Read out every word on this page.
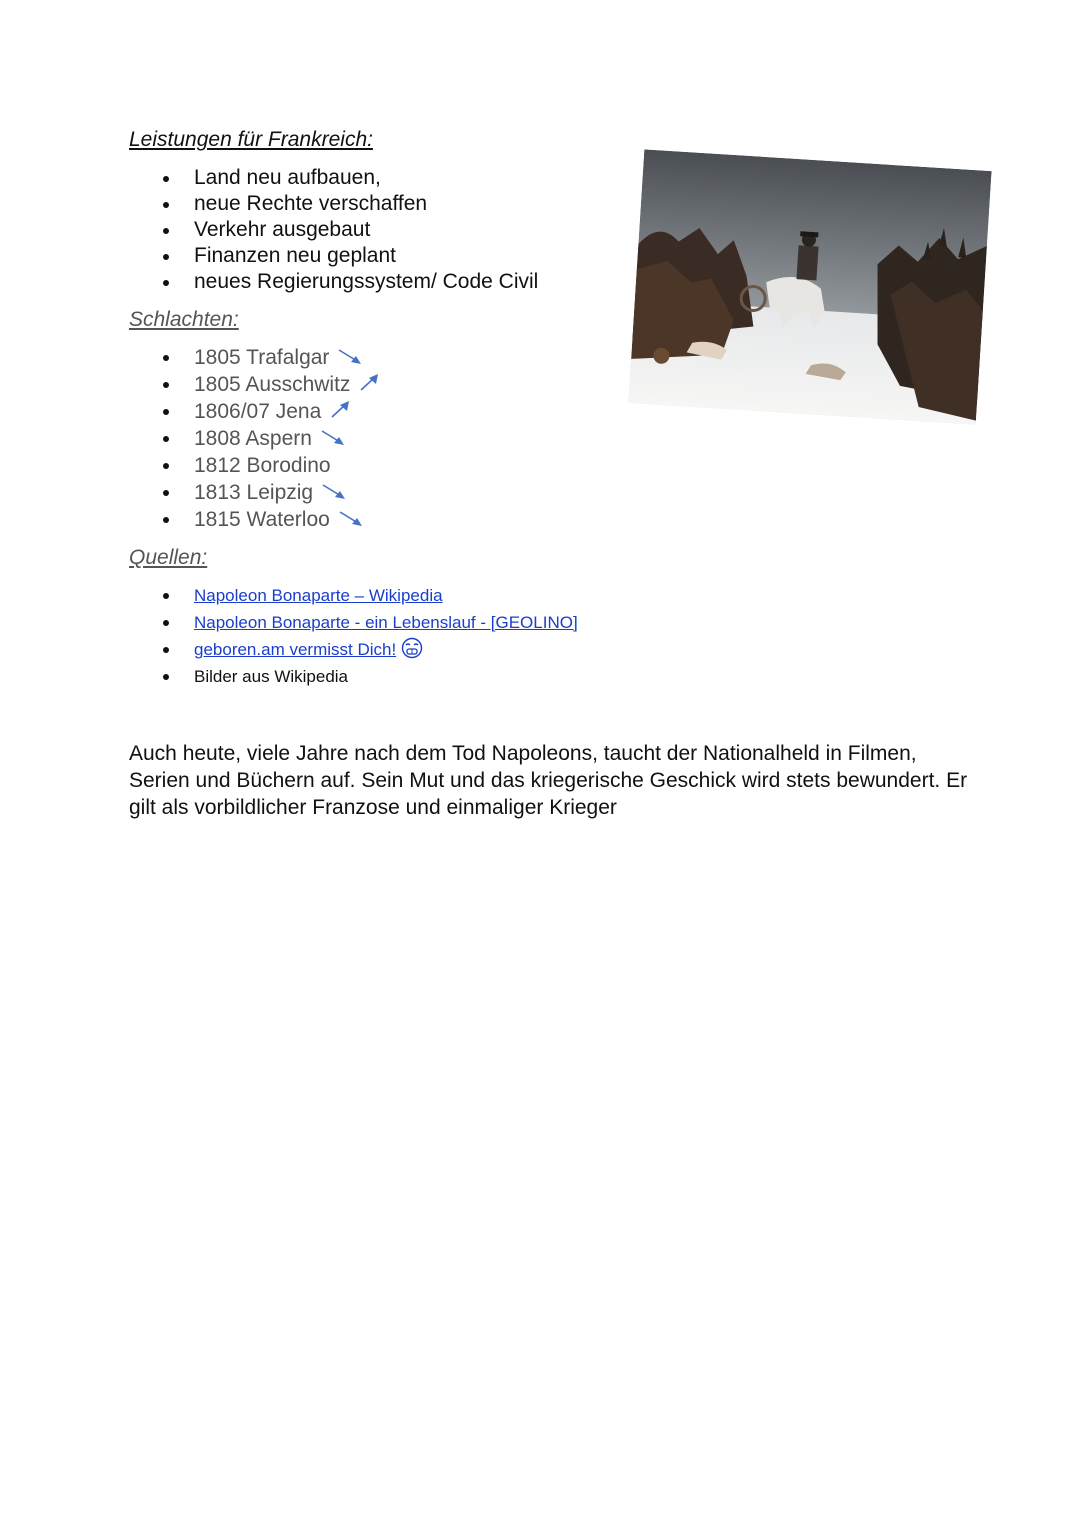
Leistungen für Frankreich:
Land neu aufbauen,
neue Rechte verschaffen
Verkehr ausgebaut
Finanzen neu geplant
neues Regierungssystem/ Code Civil
Schlachten:
1805 Trafalgar
1805 Ausschwitz
1806/07 Jena
1808 Aspern
1812 Borodino
1813 Leipzig
1815 Waterloo
Quellen:
Napoleon Bonaparte – Wikipedia
Napoleon Bonaparte - ein Lebenslauf - [GEOLINO]
geboren.am vermisst Dich!
Bilder aus Wikipedia

Auch heute, viele Jahre nach dem Tod Napoleons, taucht der Nationalheld in Filmen, Serien und Büchern auf. Sein Mut und das kriegerische Geschick wird stets bewundert. Er gilt als vorbildlicher Franzose und einmaliger Krieger
